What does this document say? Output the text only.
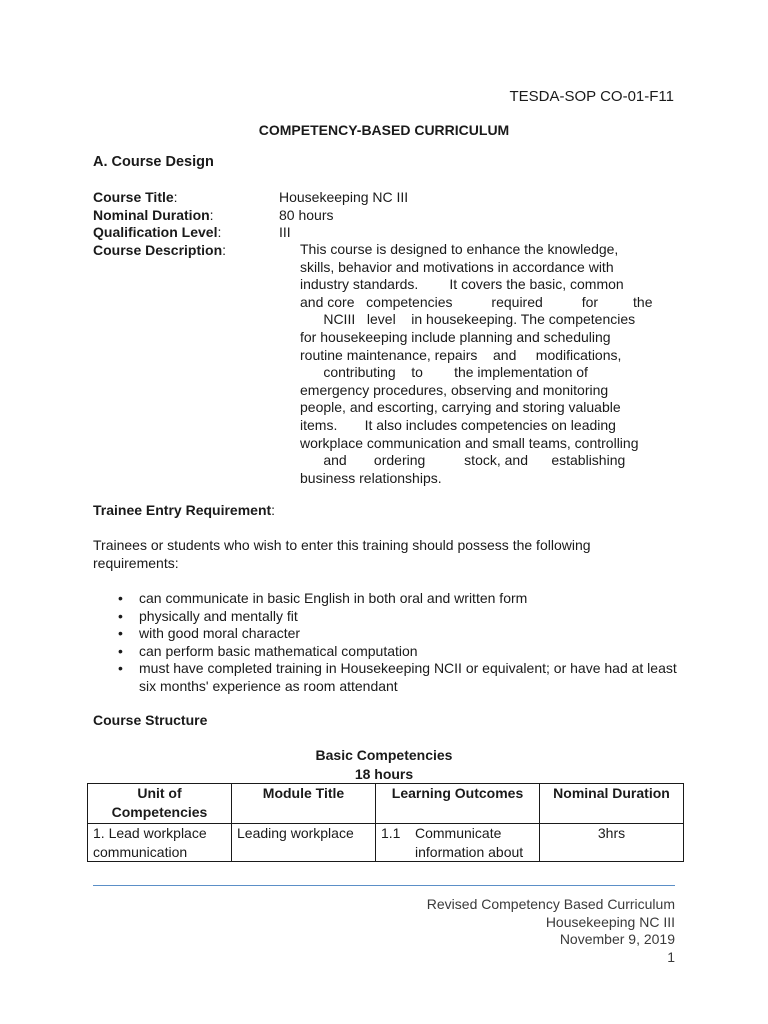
TESDA-SOP CO-01-F11
COMPETENCY-BASED CURRICULUM
A. Course Design
Course Title:	Housekeeping NC III
Nominal Duration:	80 hours
Qualification Level:	III
Course Description:	This course is designed to enhance the knowledge,
skills, behavior and motivations in accordance with
industry standards.        It covers the basic, common
and core   competencies          required          for         the
NCIII   level    in housekeeping. The competencies
for housekeeping include planning and scheduling
routine maintenance, repairs    and     modifications,
contributing    to        the implementation of
emergency procedures, observing and monitoring
people, and escorting, carrying and storing valuable
items.       It also includes competencies on leading
workplace communication and small teams, controlling
and       ordering          stock, and      establishing
business relationships.
Trainee Entry Requirement:
Trainees or students who wish to enter this training should possess the following requirements:
• can communicate in basic English in both oral and written form
• physically and mentally fit
• with good moral character
• can perform basic mathematical computation
• must have completed training in Housekeeping NCII or equivalent; or have had at least six months' experience as room attendant
Course Structure
Basic Competencies
18 hours
Unit of Competencies	Module Title	Learning Outcomes	Nominal Duration
1. Lead workplace communication	Leading workplace	1.1 Communicate information about	3hrs
Revised Competency Based Curriculum
Housekeeping NC III
November 9, 2019
1
